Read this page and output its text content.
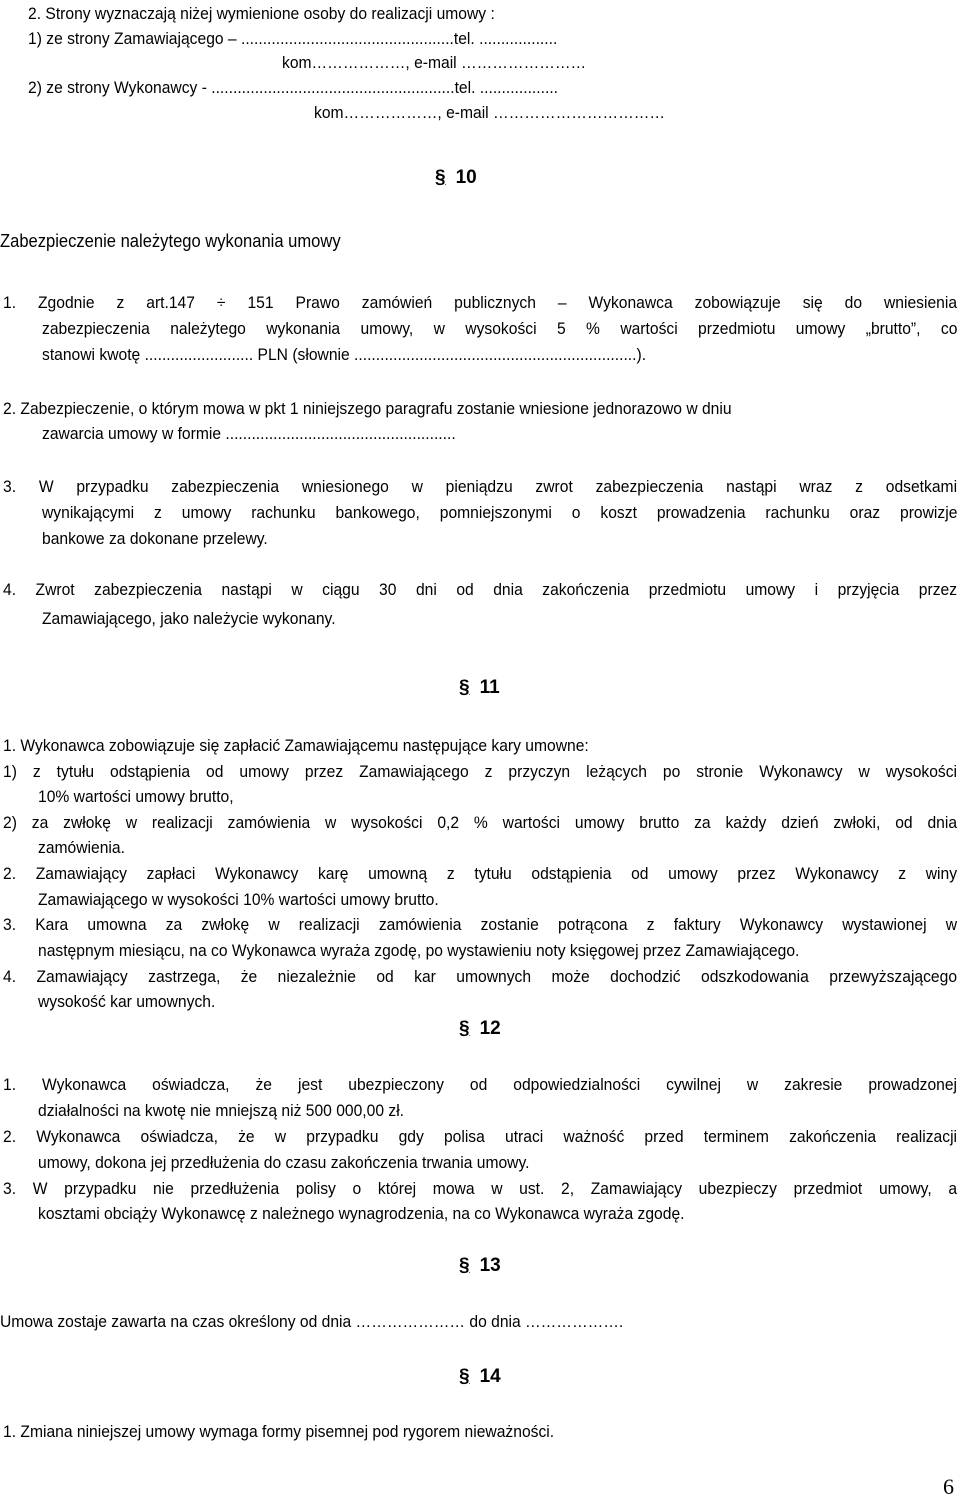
2. Strony wyznaczają niżej wymienione osoby do realizacji umowy :
1) ze strony Zamawiającego – .................................................tel. ..................
kom………………, e-mail ……………………
2) ze strony Wykonawcy - ........................................................tel. ..................
kom………………, e-mail ……………………………
§ 10
Zabezpieczenie należytego wykonania umowy
1. Zgodnie z art.147 ÷ 151 Prawo zamówień publicznych – Wykonawca zobowiązuje się do wniesienia
zabezpieczenia należytego wykonania umowy, w wysokości 5 % wartości przedmiotu umowy „brutto”, co
stanowi kwotę ......................... PLN (słownie .................................................................).
2. Zabezpieczenie, o którym mowa w pkt 1 niniejszego paragrafu zostanie wniesione jednorazowo w dniu
zawarcia umowy w formie .....................................................
3. W przypadku zabezpieczenia wniesionego w pieniądzu zwrot zabezpieczenia nastąpi wraz z odsetkami
wynikającymi z umowy rachunku bankowego, pomniejszonymi o koszt prowadzenia rachunku oraz prowizje
bankowe za dokonane przelewy.
4. Zwrot zabezpieczenia nastąpi w ciągu 30 dni od dnia zakończenia przedmiotu umowy i przyjęcia przez
Zamawiającego, jako należycie wykonany.
§ 11
1. Wykonawca zobowiązuje się zapłacić Zamawiającemu następujące kary umowne:
1) z tytułu odstąpienia od umowy przez Zamawiającego z przyczyn leżących po stronie Wykonawcy w wysokości
10% wartości umowy brutto,
2) za zwłokę w realizacji zamówienia w wysokości 0,2 % wartości umowy brutto za każdy dzień zwłoki, od dnia
zamówienia.
2. Zamawiający zapłaci Wykonawcy karę umowną z tytułu odstąpienia od umowy przez Wykonawcy z winy
Zamawiającego w wysokości 10% wartości umowy brutto.
3. Kara umowna za zwłokę w realizacji zamówienia zostanie potrącona z faktury Wykonawcy wystawionej w
następnym miesiącu, na co Wykonawca wyraża zgodę, po wystawieniu noty księgowej przez Zamawiającego.
4. Zamawiający zastrzega, że niezależnie od kar umownych może dochodzić odszkodowania przewyższającego
wysokość kar umownych.
§ 12
1. Wykonawca oświadcza, że jest ubezpieczony od odpowiedzialności cywilnej w zakresie prowadzonej
działalności na kwotę nie mniejszą niż 500 000,00 zł.
2. Wykonawca oświadcza, że w przypadku gdy polisa utraci ważność przed terminem zakończenia realizacji
umowy, dokona jej przedłużenia do czasu zakończenia trwania umowy.
3. W przypadku nie przedłużenia polisy o której mowa w ust. 2, Zamawiający ubezpieczy przedmiot umowy, a
kosztami obciąży Wykonawcę z należnego wynagrodzenia, na co Wykonawca wyraża zgodę.
§ 13
Umowa zostaje zawarta na czas określony od dnia ………………… do dnia ……………….
§ 14
1. Zmiana niniejszej umowy wymaga formy pisemnej pod rygorem nieważności.
6
